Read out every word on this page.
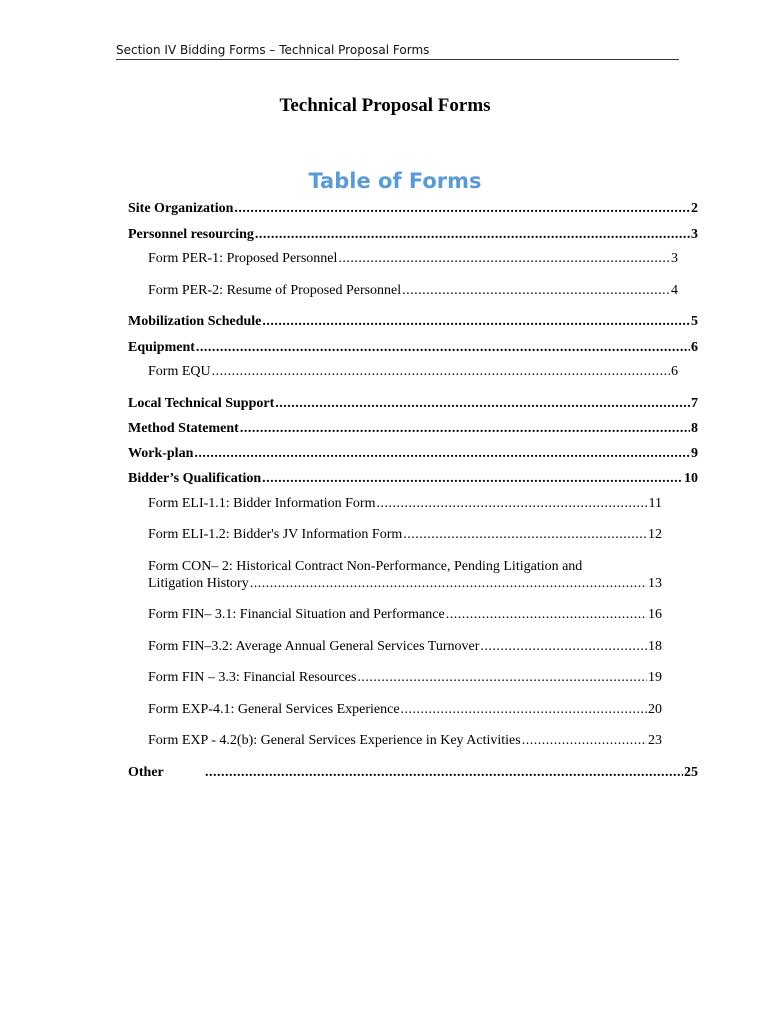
Section IV Bidding Forms – Technical Proposal Forms
Technical Proposal Forms
Table of Forms
Site Organization .....	2
Personnel resourcing .....	3
Form PER-1: Proposed Personnel .....	3
Form PER-2: Resume of Proposed Personnel .....	4
Mobilization Schedule .....	5
Equipment .....	6
Form EQU .....	6
Local Technical Support .....	7
Method Statement .....	8
Work-plan .....	9
Bidder’s Qualification .....	10
Form ELI-1.1: Bidder Information Form .....	11
Form ELI-1.2: Bidder's JV Information Form .....	12
Form CON– 2: Historical Contract Non-Performance, Pending Litigation and
Litigation History .....	13
Form FIN– 3.1: Financial Situation and Performance .....	16
Form FIN–3.2: Average Annual General Services Turnover .....	18
Form FIN – 3.3: Financial Resources .....	19
Form EXP-4.1: General Services Experience .....	20
Form EXP - 4.2(b): General Services Experience in Key Activities .....	23
Other .....	25
